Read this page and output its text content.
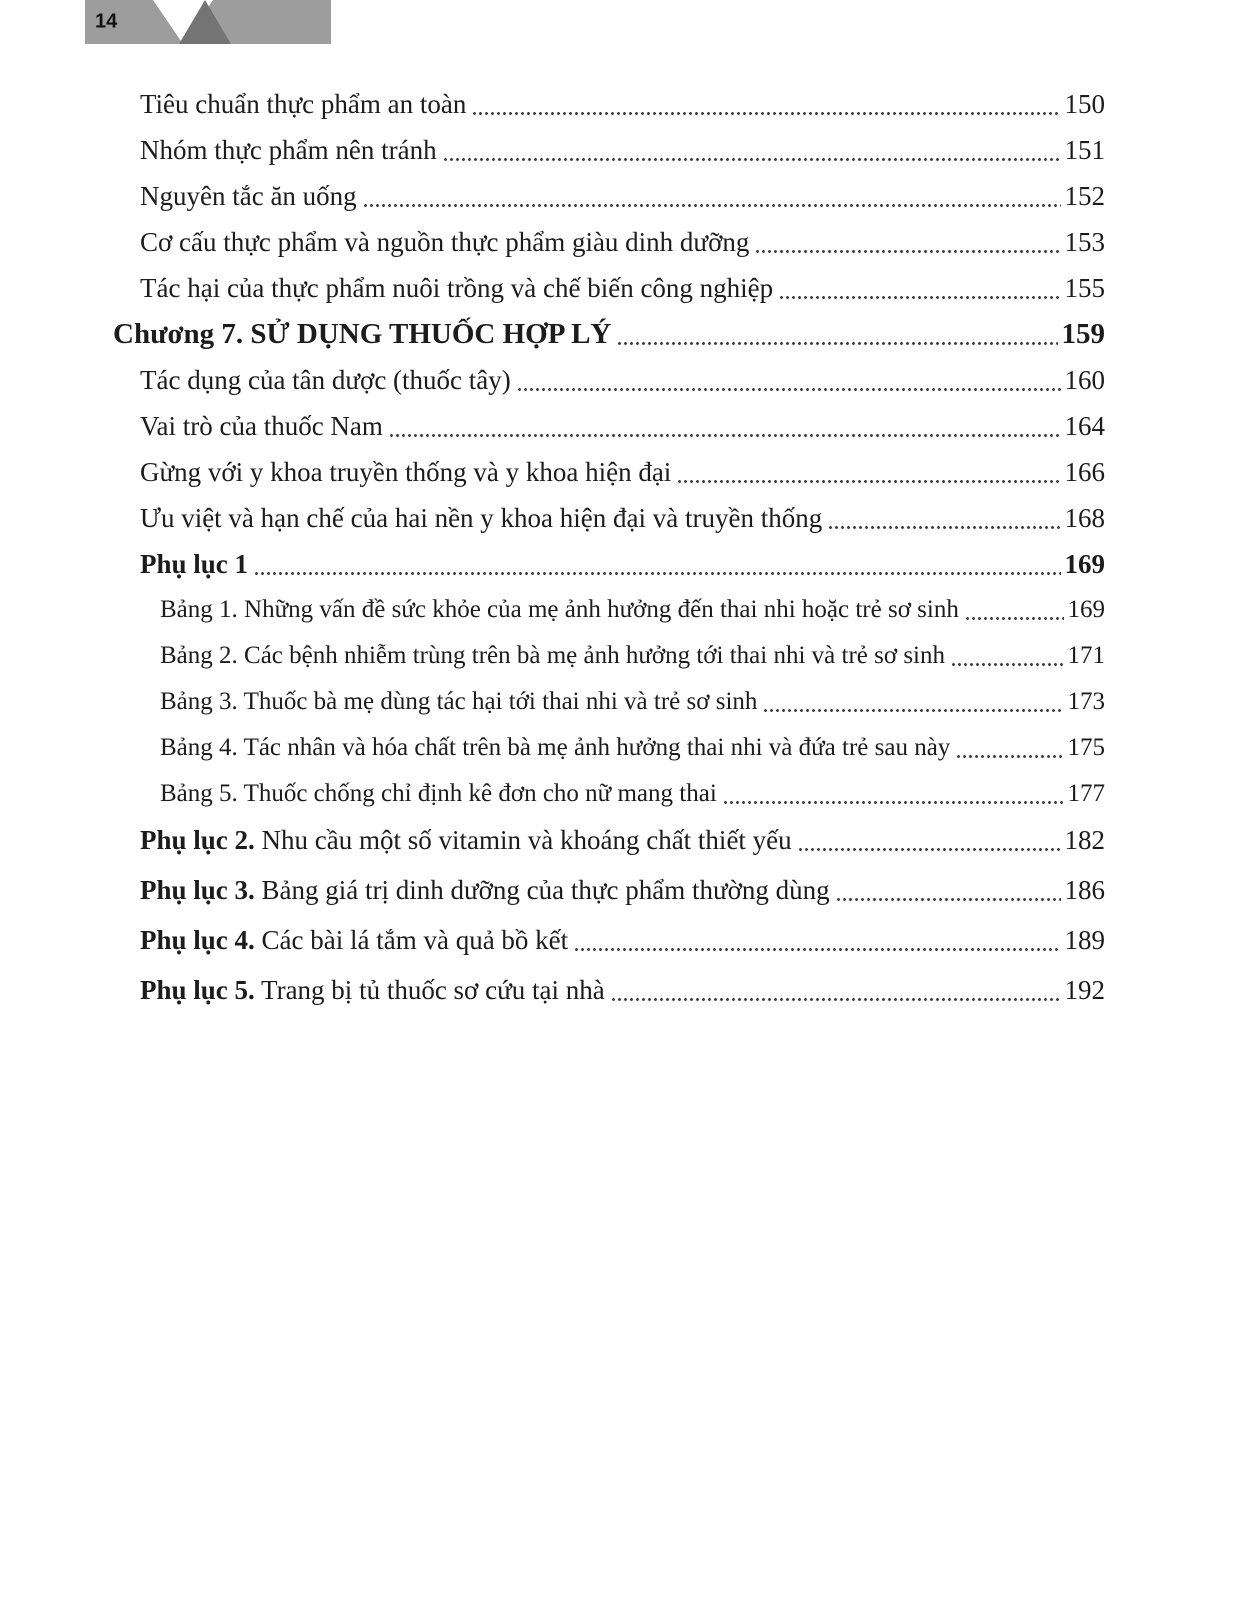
14
Tiêu chuẩn thực phẩm an toàn	150
Nhóm thực phẩm nên tránh	151
Nguyên tắc ăn uống	152
Cơ cấu thực phẩm và nguồn thực phẩm giàu dinh dưỡng	153
Tác hại của thực phẩm nuôi trồng và chế biến công nghiệp	155
Chương 7. SỬ DỤNG THUỐC HỢP LÝ	159
Tác dụng của tân dược (thuốc tây)	160
Vai trò của thuốc Nam	164
Gừng với y khoa truyền thống và y khoa hiện đại	166
Ưu việt và hạn chế của hai nền y khoa hiện đại và truyền thống	168
Phụ lục 1	169
Bảng 1. Những vấn đề sức khỏe của mẹ ảnh hưởng đến thai nhi hoặc trẻ sơ sinh	169
Bảng 2. Các bệnh nhiễm trùng trên bà mẹ ảnh hưởng tới thai nhi và trẻ sơ sinh	171
Bảng 3. Thuốc bà mẹ dùng tác hại tới thai nhi và trẻ sơ sinh	173
Bảng 4. Tác nhân và hóa chất trên bà mẹ ảnh hưởng thai nhi và đứa trẻ sau này	175
Bảng 5. Thuốc chống chỉ định kê đơn cho nữ mang thai	177
Phụ lục 2. Nhu cầu một số vitamin và khoáng chất thiết yếu	182
Phụ lục 3. Bảng giá trị dinh dưỡng của thực phẩm thường dùng	186
Phụ lục 4. Các bài lá tắm và quả bồ kết	189
Phụ lục 5. Trang bị tủ thuốc sơ cứu tại nhà	192
